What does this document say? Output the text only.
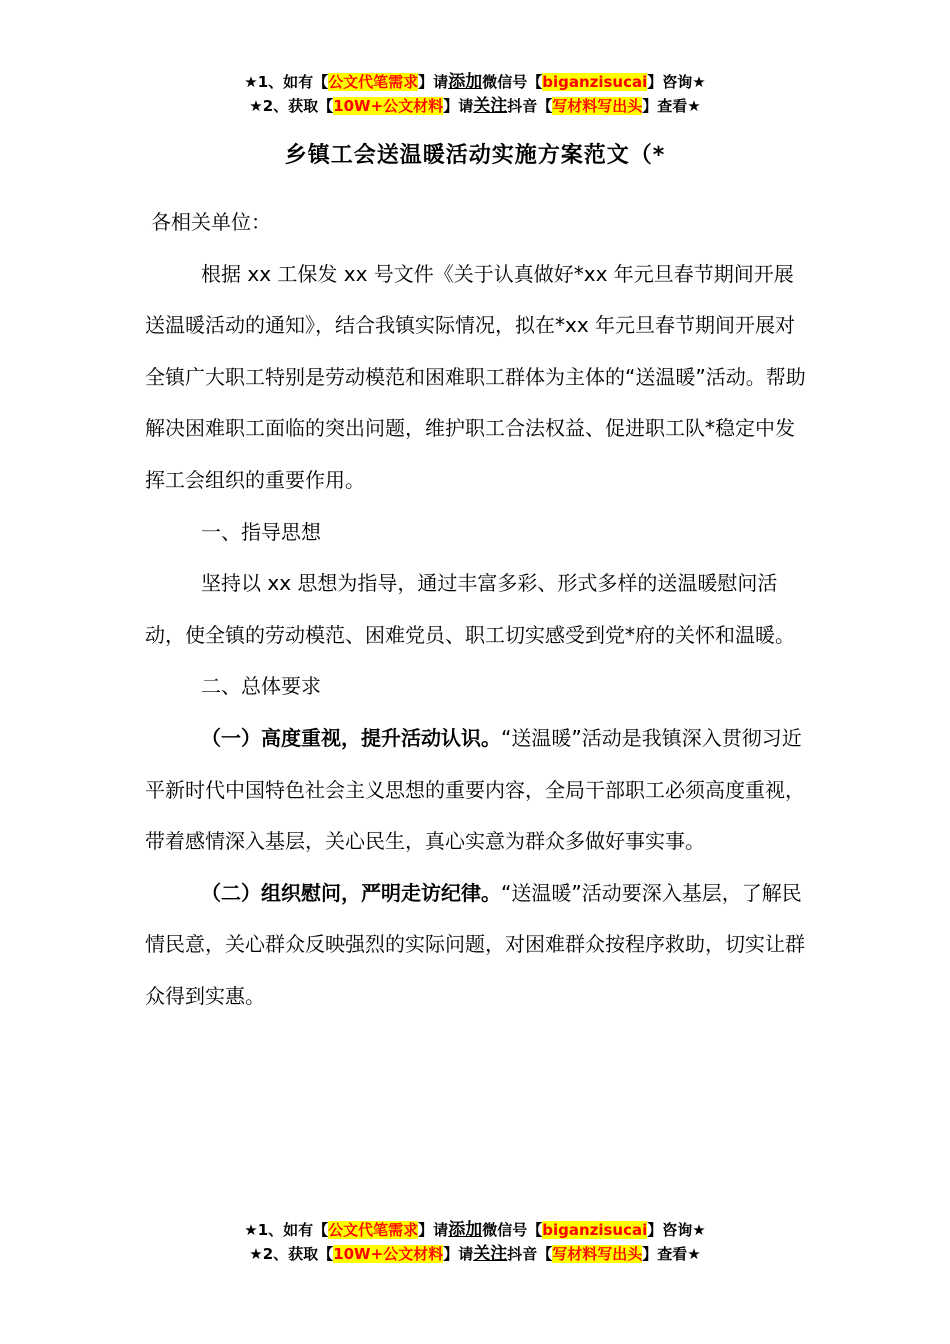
★1、如有【公文代笔需求】请添加微信号【biganzisucai】咨询★
★2、获取【10W+公文材料】请关注抖音【写材料写出头】查看★
乡镇工会送温暖活动实施方案范文（*

各相关单位：

根据 xx 工保发 xx 号文件《关于认真做好*xx 年元旦春节期间开展送温暖活动的通知》，结合我镇实际情况，拟在*xx 年元旦春节期间开展对全镇广大职工特别是劳动模范和困难职工群体为主体的“送温暖”活动。帮助解决困难职工面临的突出问题，维护职工合法权益、促进职工队*稳定中发挥工会组织的重要作用。

一、指导思想

坚持以 xx 思想为指导，通过丰富多彩、形式多样的送温暖慰问活动，使全镇的劳动模范、困难党员、职工切实感受到党*府的关怀和温暖。

二、总体要求

（一）高度重视，提升活动认识。“送温暖”活动是我镇深入贯彻习近平新时代中国特色社会主义思想的重要内容，全局干部职工必须高度重视，带着感情深入基层，关心民生，真心实意为群众多做好事实事。

（二）组织慰问，严明走访纪律。“送温暖”活动要深入基层，了解民情民意，关心群众反映强烈的实际问题，对困难群众按程序救助，切实让群众得到实惠。

★1、如有【公文代笔需求】请添加微信号【biganzisucai】咨询★
★2、获取【10W+公文材料】请关注抖音【写材料写出头】查看★
